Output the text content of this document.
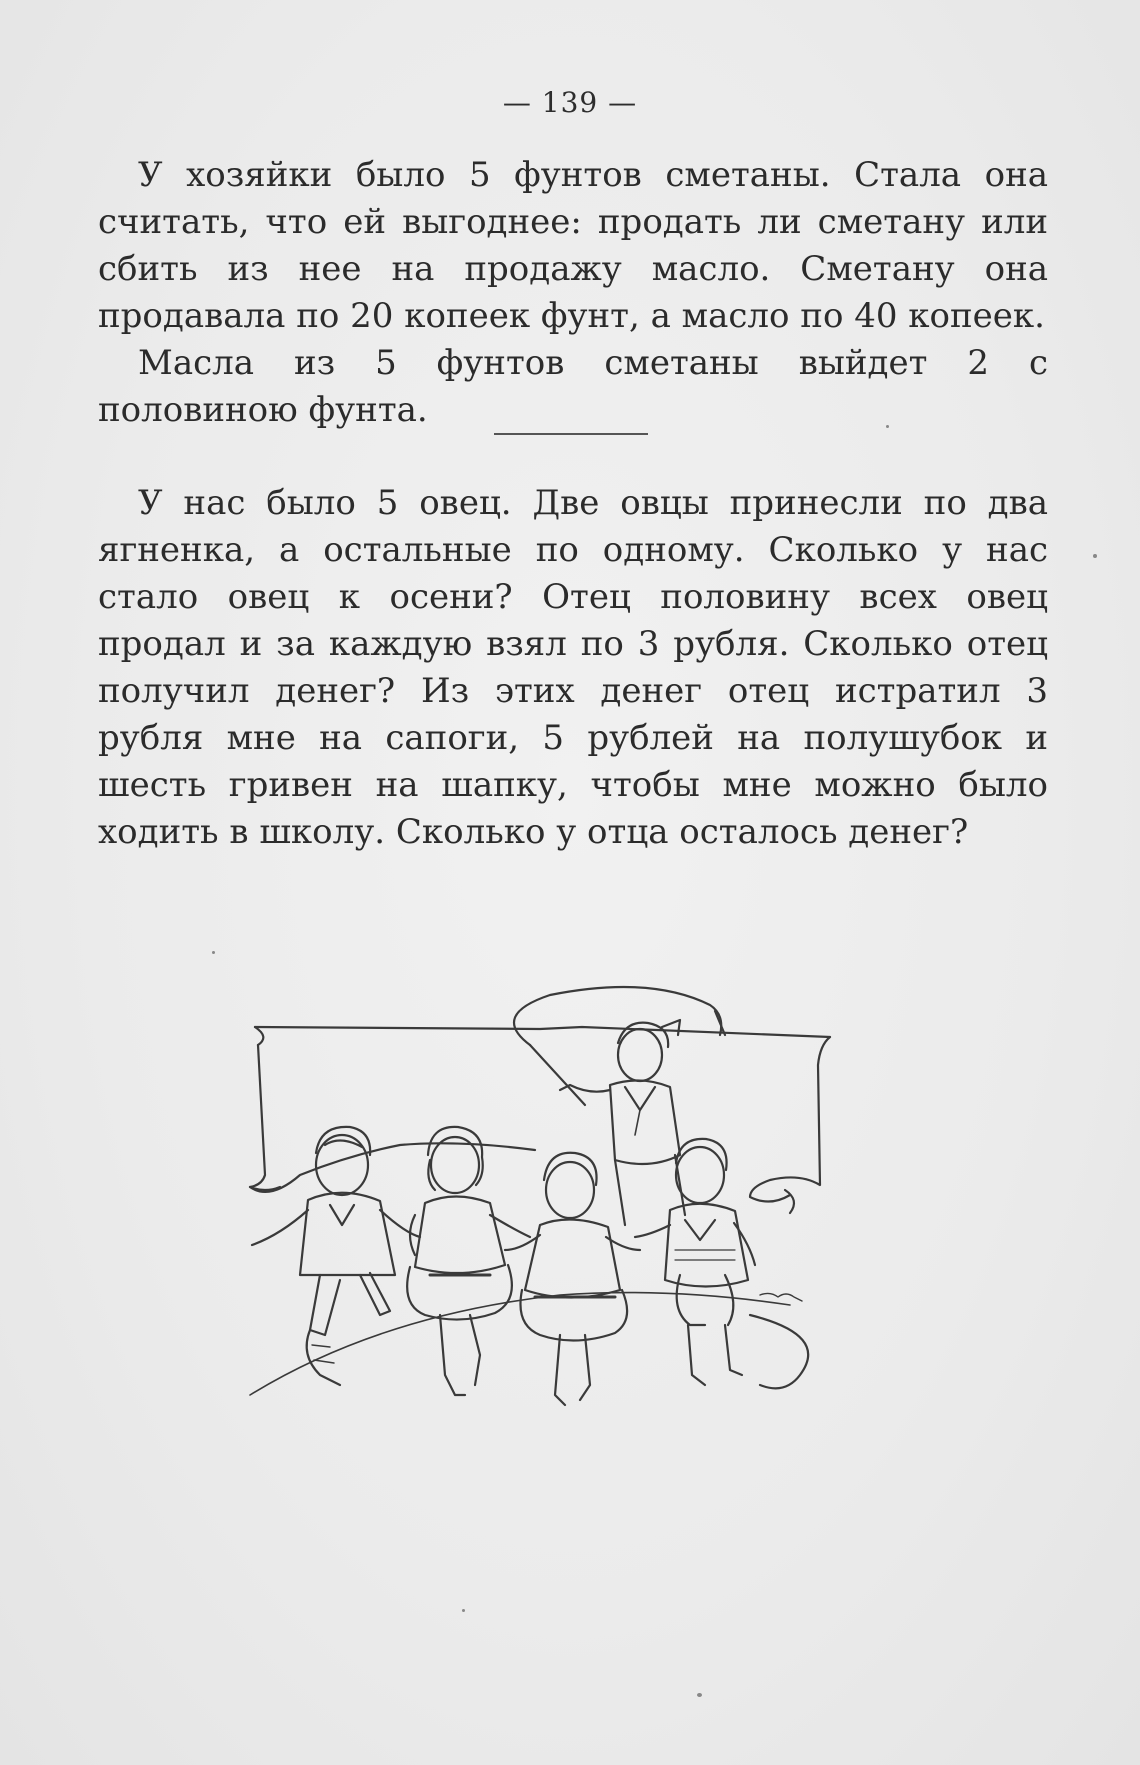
— 139 —

У хозяйки было 5 фунтов сметаны. Стала она считать, что ей выгоднее: продать ли сметану или сбить из нее на продажу масло. Сметану она продавала по 20 копеек фунт, а масло по 40 копеек.

Масла из 5 фунтов сметаны выйдет 2 с половиною фунта.

У нас было 5 овец. Две овцы принесли по два ягненка, а остальные по одному. Сколько у нас стало овец к осени? Отец половину всех овец продал и за каждую взял по 3 рубля. Сколько отец получил денег? Из этих денег отец истратил 3 рубля мне на сапоги, 5 рублей на полушубок и шесть гривен на шапку, чтобы мне можно было ходить в школу. Сколько у отца осталось денег?
